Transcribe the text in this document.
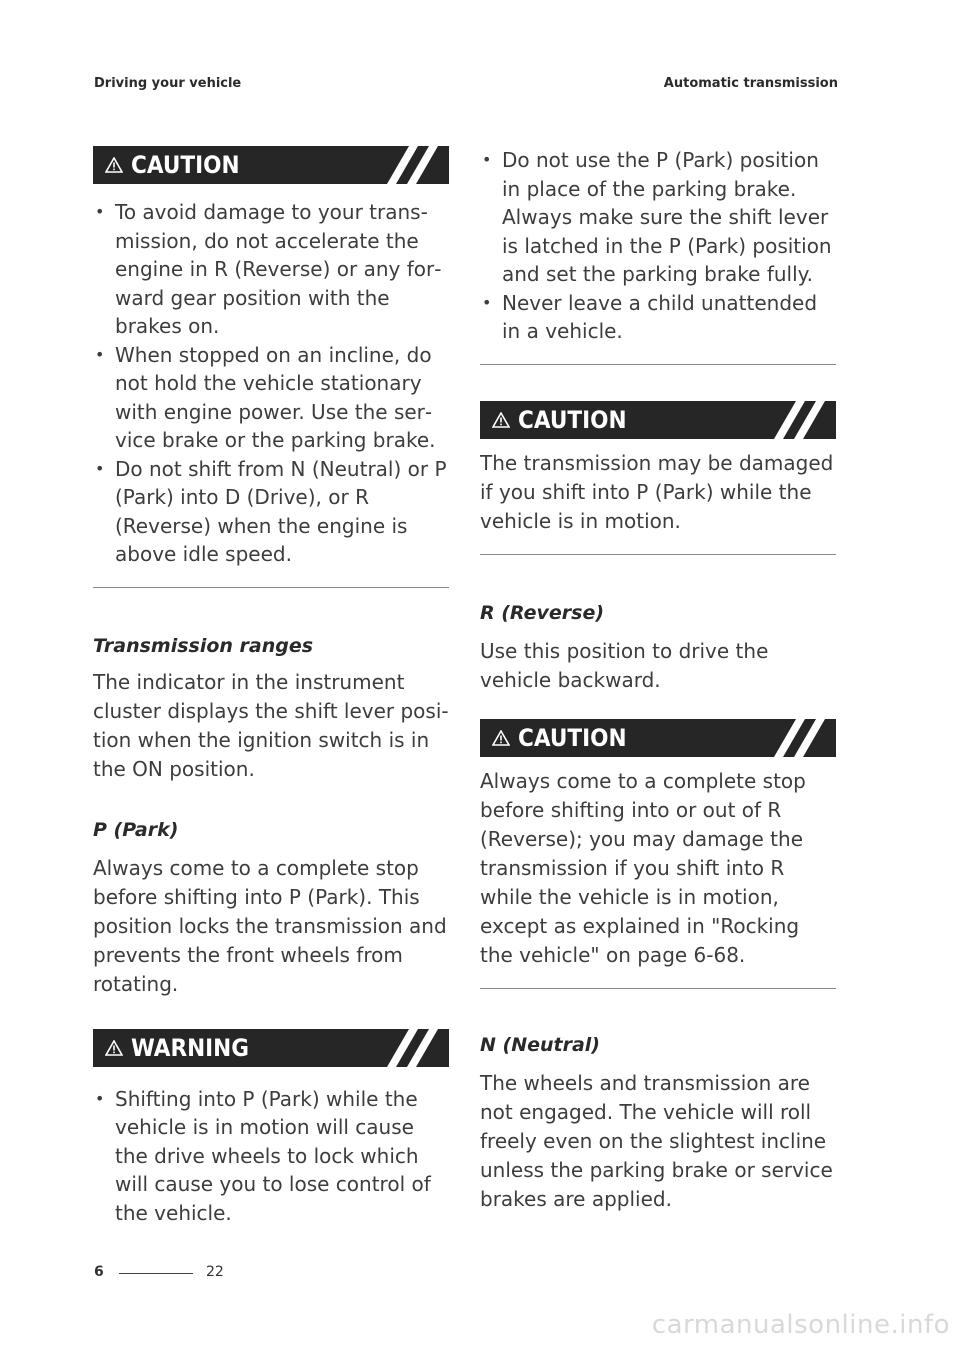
Driving your vehicle	Automatic transmission
CAUTION
• To avoid damage to your trans‐ mission, do not accelerate the engine in R (Reverse) or any for‐ ward gear position with the brakes on.
• When stopped on an incline, do not hold the vehicle stationary with engine power. Use the ser‐ vice brake or the parking brake.
• Do not shift from N (Neutral) or P (Park) into D (Drive), or R (Reverse) when the engine is above idle speed.
Transmission ranges

The indicator in the instrument cluster displays the shift lever posi‐ tion when the ignition switch is in the ON position.

P (Park)

Always come to a complete stop before shifting into P (Park). This position locks the transmission and prevents the front wheels from rotating.

WARNING
• Shifting into P (Park) while the vehicle is in motion will cause the drive wheels to lock which will cause you to lose control of the vehicle.
• Do not use the P (Park) position in place of the parking brake. Always make sure the shift lever is latched in the P (Park) position and set the parking brake fully.
• Never leave a child unattended in a vehicle.
CAUTION

The transmission may be damaged if you shift into P (Park) while the vehicle is in motion.

R (Reverse)

Use this position to drive the vehicle backward.

CAUTION

Always come to a complete stop before shifting into or out of R (Reverse); you may damage the transmission if you shift into R while the vehicle is in motion, except as explained in "Rocking the vehicle" on page 6-68.

N (Neutral)

The wheels and transmission are not engaged. The vehicle will roll freely even on the slightest incline unless the parking brake or service brakes are applied.

6	22
carmanualsonline.info
